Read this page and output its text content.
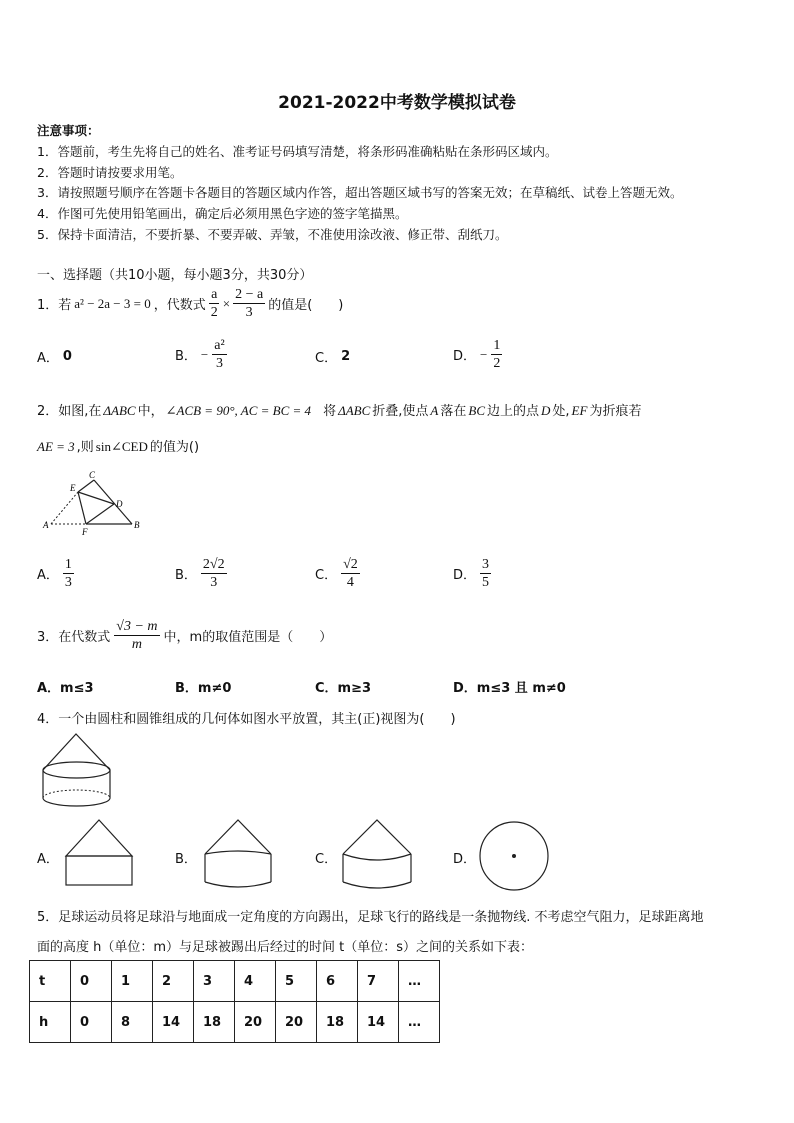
2021-2022中考数学模拟试卷
注意事项：
1．答题前，考生先将自己的姓名、准考证号码填写清楚，将条形码准确粘贴在条形码区域内。
2．答题时请按要求用笔。
3．请按照题号顺序在答题卡各题目的答题区域内作答，超出答题区域书写的答案无效；在草稿纸、试卷上答题无效。
4．作图可先使用铅笔画出，确定后必须用黑色字迹的签字笔描黑。
5．保持卡面清洁，不要折暴、不要弄破、弄皱，不准使用涂改液、修正带、刮纸刀。
一、选择题（共10小题，每小题3分，共30分）
1．若 a² − 2a − 3 = 0 ，代数式 $\frac{a}{2} \times \frac{2 - a}{3}$ 的值是(　　)
A． 0	B． − $\frac{\text{a²}}{3}$	C． 2	D． − $\frac{1}{2}$
2．如图,在 ΔABC 中， ∠ACB = 90°, AC = BC = 4 将 ΔABC 折叠,使点 A 落在 BC 边上的点 D 处, EF 为折痕若
AE = 3 ,则 sin∠CED 的值为()
A	B
C
D
E
F
A． $\frac{1}{3}$	B． $\frac{2√2}{3}$	C． $\frac{√2}{4}$	D． $\frac{3}{5}$
3．在代数式 $\frac{√3 - m}{m}$ 中，m的取值范围是（　　）
A．m≤3	B．m≠0	C．m≥3	D．m≤3 且 m≠0
4．一个由圆柱和圆锥组成的几何体如图水平放置，其主(正)视图为(　　)
A．	B．	C．	D．
5．足球运动员将足球沿与地面成一定角度的方向踢出，足球飞行的路线是一条抛物线. 不考虑空气阻力，足球距离地
面的高度 h（单位：m）与足球被踢出后经过的时间 t（单位：s）之间的关系如下表：
t	0	1	2	3	4	5	6	7	…
h	0	8	14	18	20	20	18	14	…
